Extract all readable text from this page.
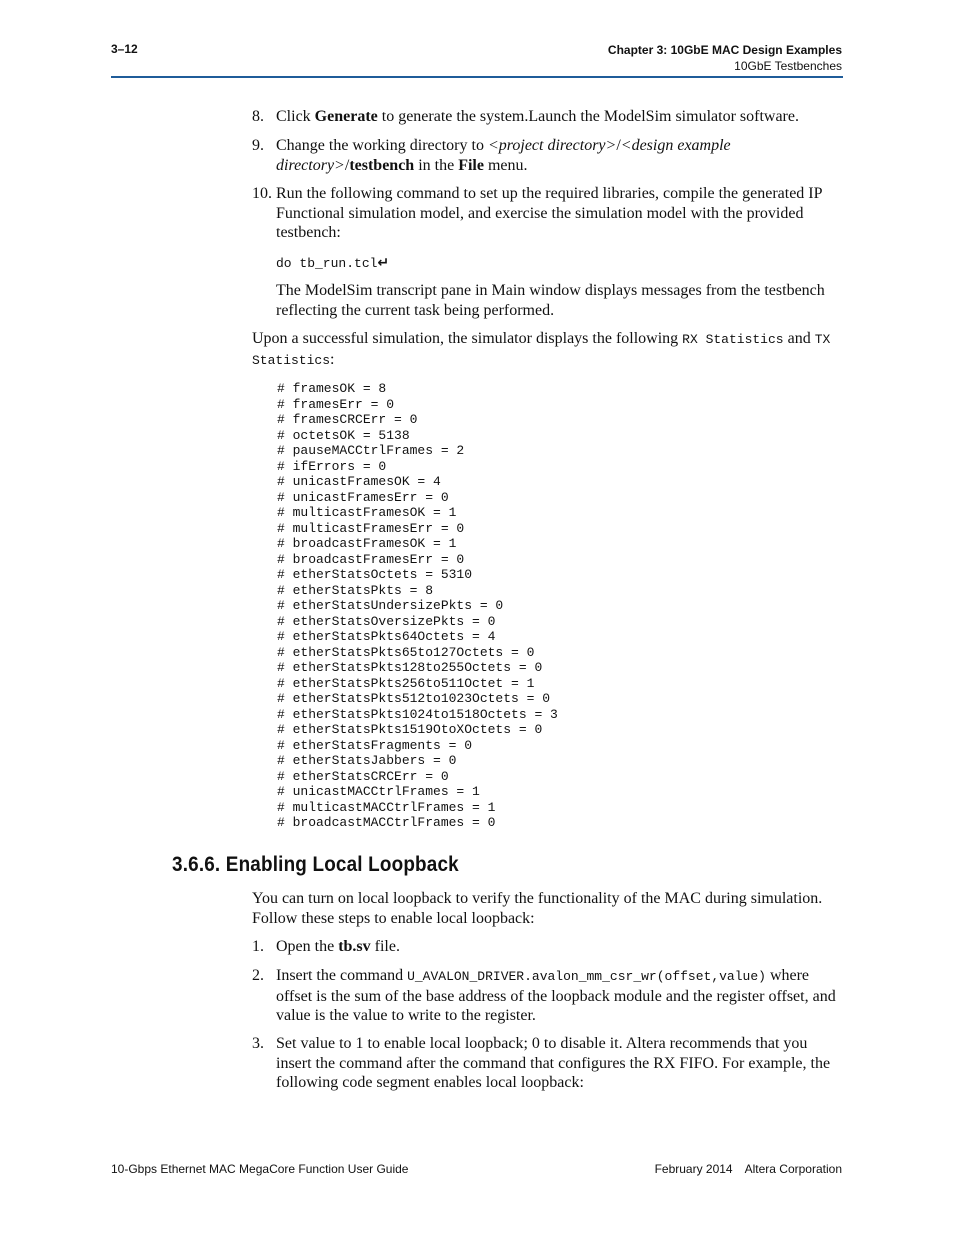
3–12	Chapter 3: 10GbE MAC Design Examples
10GbE Testbenches
8. Click Generate to generate the system.Launch the ModelSim simulator software.
9. Change the working directory to <project directory>/<design example directory>/testbench in the File menu.
10. Run the following command to set up the required libraries, compile the generated IP Functional simulation model, and exercise the simulation model with the provided testbench:
do tb_run.tcl↵
The ModelSim transcript pane in Main window displays messages from the testbench reflecting the current task being performed.
Upon a successful simulation, the simulator displays the following RX Statistics and TX Statistics:
# framesOK = 8
# framesErr = 0
# framesCRCErr = 0
# octetsOK = 5138
# pauseMACCtrlFrames = 2
# ifErrors = 0
# unicastFramesOK = 4
# unicastFramesErr = 0
# multicastFramesOK = 1
# multicastFramesErr = 0
# broadcastFramesOK = 1
# broadcastFramesErr = 0
# etherStatsOctets = 5310
# etherStatsPkts = 8
# etherStatsUndersizePkts = 0
# etherStatsOversizePkts = 0
# etherStatsPkts64Octets = 4
# etherStatsPkts65to127Octets = 0
# etherStatsPkts128to255Octets = 0
# etherStatsPkts256to511Octet = 1
# etherStatsPkts512to1023Octets = 0
# etherStatsPkts1024to1518Octets = 3
# etherStatsPkts1519OtoXOctets = 0
# etherStatsFragments = 0
# etherStatsJabbers = 0
# etherStatsCRCErr = 0
# unicastMACCtrlFrames = 1
# multicastMACCtrlFrames = 1
# broadcastMACCtrlFrames = 0
3.6.6. Enabling Local Loopback
You can turn on local loopback to verify the functionality of the MAC during simulation. Follow these steps to enable local loopback:
1. Open the tb.sv file.
2. Insert the command U_AVALON_DRIVER.avalon_mm_csr_wr(offset,value) where offset is the sum of the base address of the loopback module and the register offset, and value is the value to write to the register.
3. Set value to 1 to enable local loopback; 0 to disable it. Altera recommends that you insert the command after the command that configures the RX FIFO. For example, the following code segment enables local loopback:
10-Gbps Ethernet MAC MegaCore Function User Guide	February 2014 Altera Corporation
